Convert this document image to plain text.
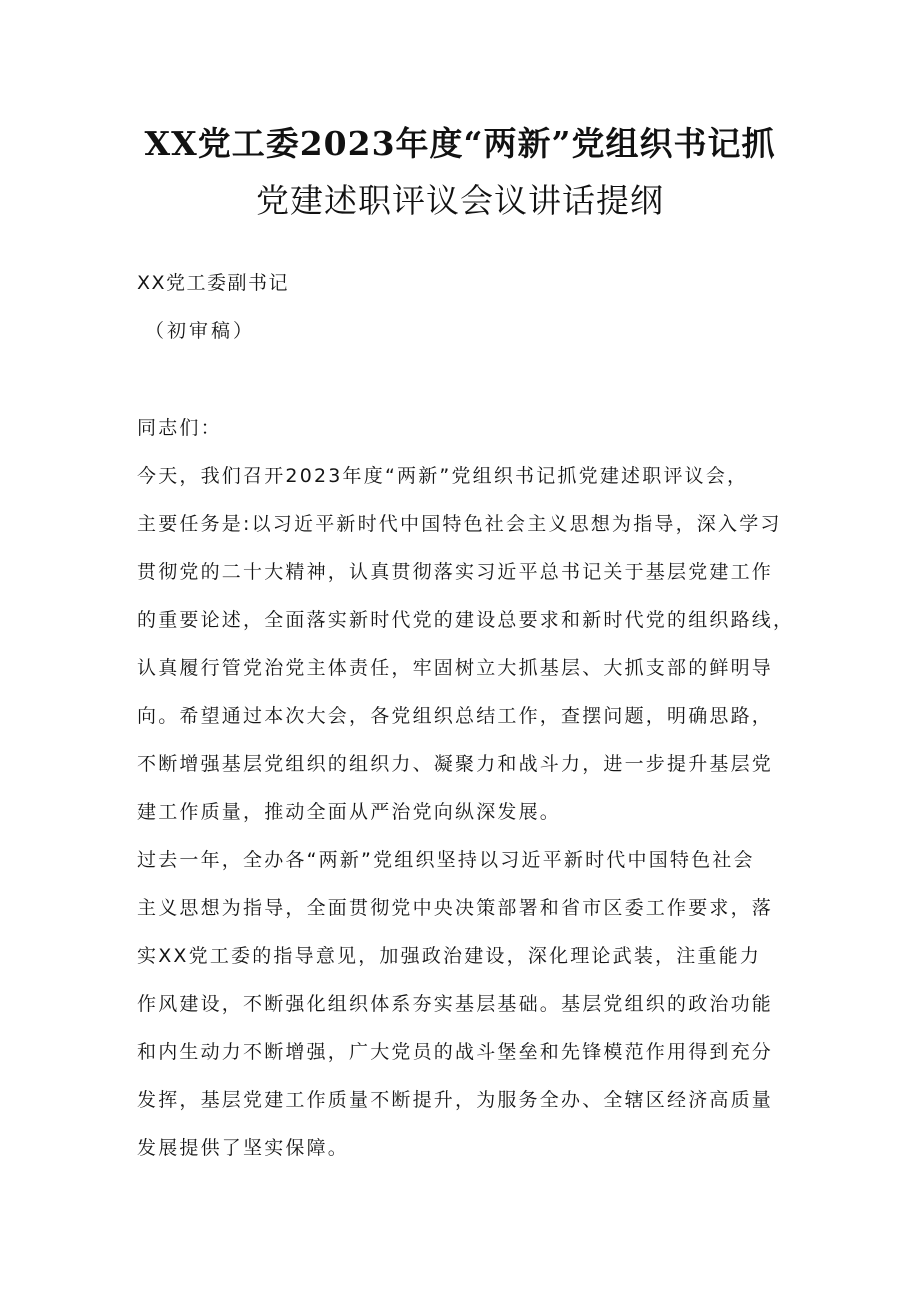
XX党工委2023年度“两新”党组织书记抓
党建述职评议会议讲话提纲
XX党工委副书记
（初审稿）
同志们：
今天，我们召开2023年度“两新”党组织书记抓党建述职评议会，
主要任务是:以习近平新时代中国特色社会主义思想为指导，深入学习
贯彻党的二十大精神，认真贯彻落实习近平总书记关于基层党建工作
的重要论述，全面落实新时代党的建设总要求和新时代党的组织路线，
认真履行管党治党主体责任，牢固树立大抓基层、大抓支部的鲜明导
向。希望通过本次大会，各党组织总结工作，查摆问题，明确思路，
不断增强基层党组织的组织力、凝聚力和战斗力，进一步提升基层党
建工作质量，推动全面从严治党向纵深发展。
过去一年，全办各“两新”党组织坚持以习近平新时代中国特色社会
主义思想为指导，全面贯彻党中央决策部署和省市区委工作要求，落
实XX党工委的指导意见，加强政治建设，深化理论武装，注重能力
作风建设，不断强化组织体系夯实基层基础。基层党组织的政治功能
和内生动力不断增强，广大党员的战斗堡垒和先锋模范作用得到充分
发挥，基层党建工作质量不断提升，为服务全办、全辖区经济高质量
发展提供了坚实保障。
